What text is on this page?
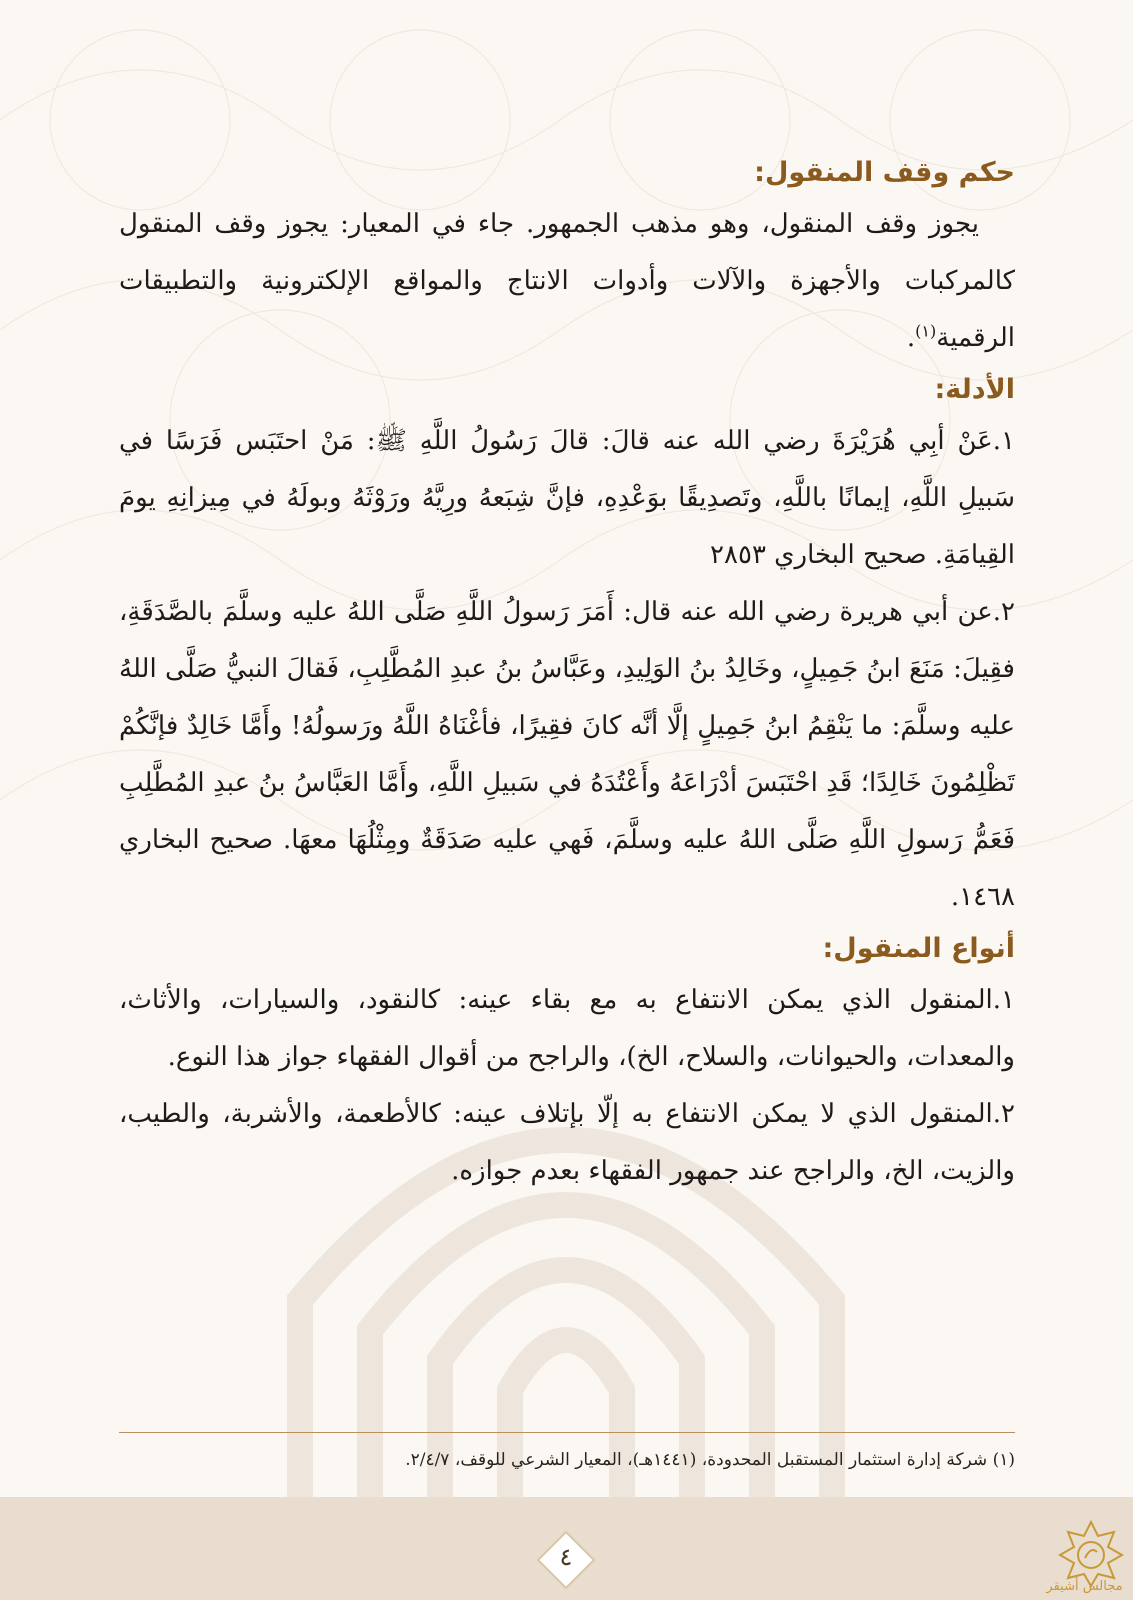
حكم وقف المنقول:

يجوز وقف المنقول، وهو مذهب الجمهور. جاء في المعيار: يجوز وقف المنقول كالمركبات والأجهزة والآلات وأدوات الانتاج والمواقع الإلكترونية والتطبيقات الرقمية$^{(١)}$.

الأدلة:

١.عَنْ أبِي هُرَيْرَةَ رضي الله عنه قالَ: قالَ رَسُولُ اللَّهِ ﷺ: مَنْ احتَبَس فَرَسًا في سَبيلِ اللَّهِ، إيمانًا باللَّهِ، وتَصدِيقًا بوَعْدِهِ، فإنَّ شِبَعهُ ورِيَّهُ ورَوْثَهُ وبولَهُ في مِيزانِهِ يومَ القِيامَةِ. صحيح البخاري ٢٨٥٣

٢.عن أبي هريرة رضي الله عنه قال: أَمَرَ رَسولُ اللَّهِ صَلَّى اللهُ عليه وسلَّمَ بالصَّدَقَةِ، فقِيلَ: مَنَعَ ابنُ جَمِيلٍ، وخَالِدُ بنُ الوَلِيدِ، وعَبَّاسُ بنُ عبدِ المُطَّلِبِ، فَقالَ النبيُّ صَلَّى اللهُ عليه وسلَّمَ: ما يَنْقِمُ ابنُ جَمِيلٍ إلَّا أنَّه كانَ فقِيرًا، فأغْنَاهُ اللَّهُ ورَسولُهُ! وأَمَّا خَالِدٌ فإنَّكُمْ تَظْلِمُونَ خَالِدًا؛ قَدِ احْتَبَسَ أدْرَاعَهُ وأَعْتُدَهُ في سَبيلِ اللَّهِ، وأَمَّا العَبَّاسُ بنُ عبدِ المُطَّلِبِ فَعَمُّ رَسولِ اللَّهِ صَلَّى اللهُ عليه وسلَّمَ، فَهي عليه صَدَقَةٌ ومِثْلُهَا معهَا. صحيح البخاري ١٤٦٨.

أنواع المنقول:

١.المنقول الذي يمكن الانتفاع به مع بقاء عينه: كالنقود، والسيارات، والأثاث، والمعدات، والحيوانات، والسلاح، الخ)، والراجح من أقوال الفقهاء جواز هذا النوع.

٢.المنقول الذي لا يمكن الانتفاع به إلّا بإتلاف عينه: كالأطعمة، والأشربة، والطيب، والزيت، الخ، والراجح عند جمهور الفقهاء بعدم جوازه.

(١) شركة إدارة استثمار المستقبل المحدودة، (١٤٤١هـ)، المعيار الشرعي للوقف، ٢/٤/٧.
٤
مجالس أشيقر
